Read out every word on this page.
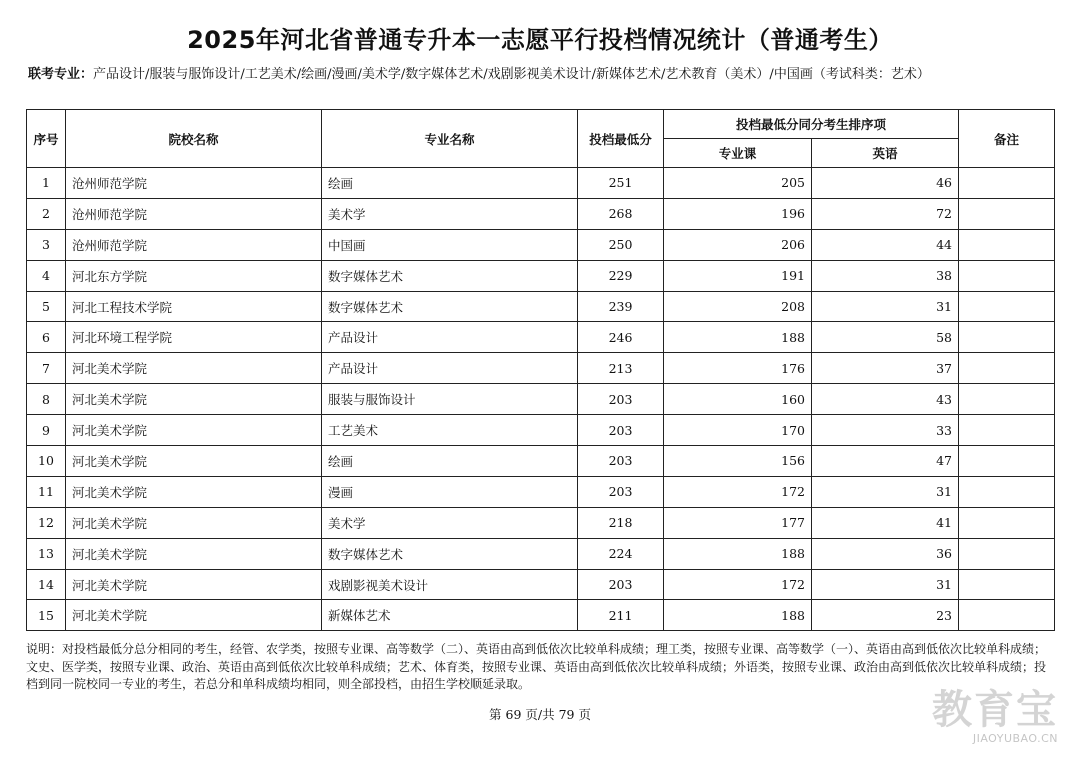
2025年河北省普通专升本一志愿平行投档情况统计（普通考生）
联考专业：产品设计/服装与服饰设计/工艺美术/绘画/漫画/美术学/数字媒体艺术/戏剧影视美术设计/新媒体艺术/艺术教育（美术）/中国画（考试科类：艺术）
序号	院校名称	专业名称	投档最低分	投档最低分同分考生排序项		备注
				专业课	英语	
1	沧州师范学院	绘画	251	205	46	
2	沧州师范学院	美术学	268	196	72	
3	沧州师范学院	中国画	250	206	44	
4	河北东方学院	数字媒体艺术	229	191	38	
5	河北工程技术学院	数字媒体艺术	239	208	31	
6	河北环境工程学院	产品设计	246	188	58	
7	河北美术学院	产品设计	213	176	37	
8	河北美术学院	服装与服饰设计	203	160	43	
9	河北美术学院	工艺美术	203	170	33	
10	河北美术学院	绘画	203	156	47	
11	河北美术学院	漫画	203	172	31	
12	河北美术学院	美术学	218	177	41	
13	河北美术学院	数字媒体艺术	224	188	36	
14	河北美术学院	戏剧影视美术设计	203	172	31	
15	河北美术学院	新媒体艺术	211	188	23	
说明：对投档最低分总分相同的考生，经管、农学类，按照专业课、高等数学（二）、英语由高到低依次比较单科成绩；理工类，按照专业课、高等数学（一）、英语由高到低依次比较单科成绩；文史、医学类，按照专业课、政治、英语由高到低依次比较单科成绩；艺术、体育类，按照专业课、英语由高到低依次比较单科成绩；外语类，按照专业课、政治由高到低依次比较单科成绩；投档到同一院校同一专业的考生，若总分和单科成绩均相同，则全部投档，由招生学校顺延录取。
第 69 页/共 79 页	教育宝
JIAOYUBAO.CN
